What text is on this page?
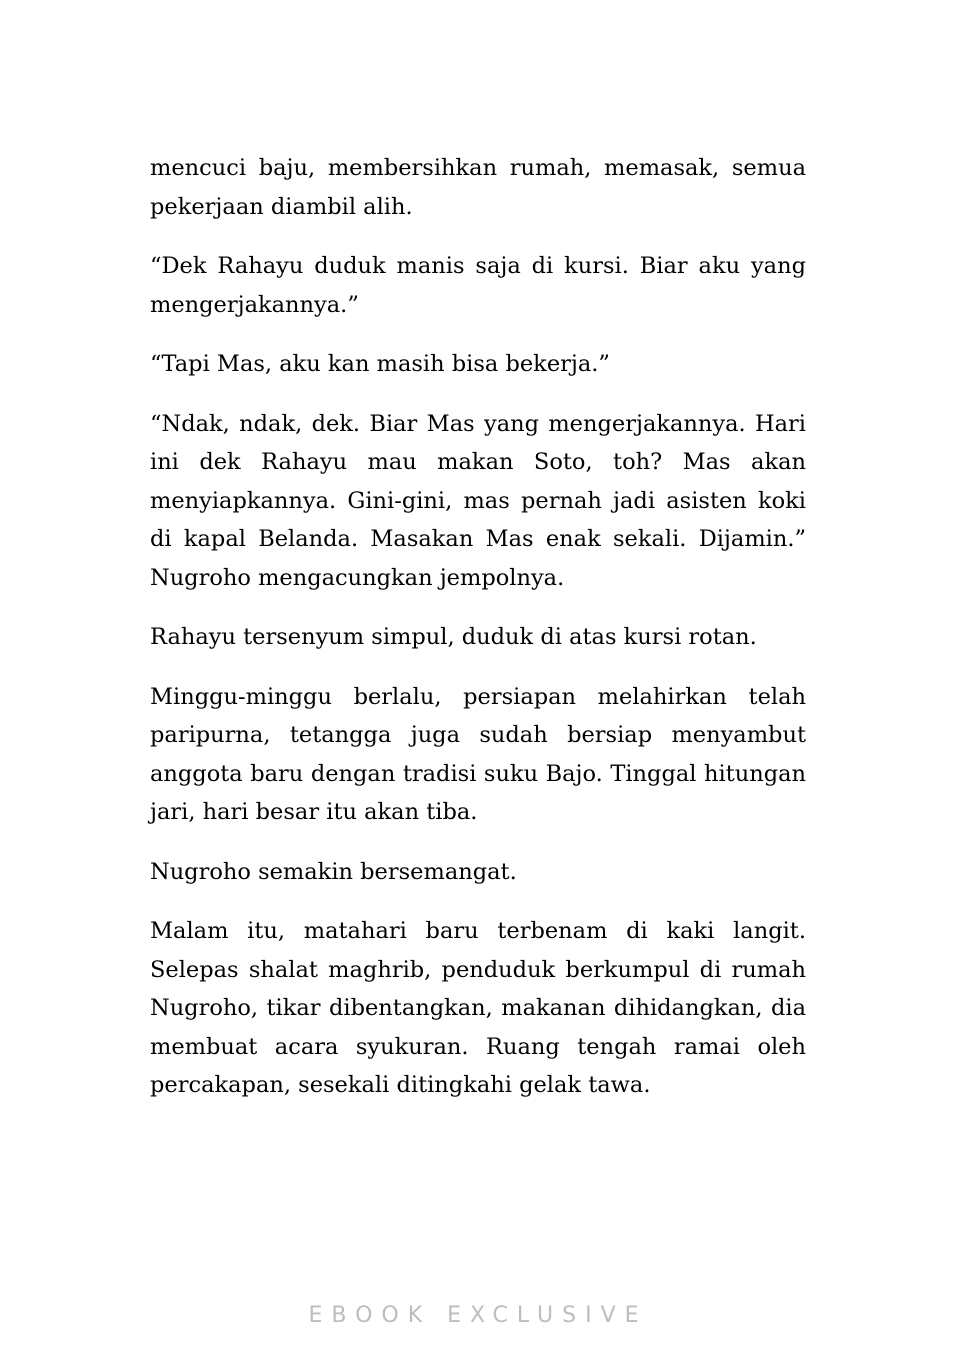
mencuci baju, membersihkan rumah, memasak, semua pekerjaan diambil alih.

“Dek Rahayu duduk manis saja di kursi. Biar aku yang mengerjakannya.”

“Tapi Mas, aku kan masih bisa bekerja.”

“Ndak, ndak, dek. Biar Mas yang mengerjakannya. Hari ini dek Rahayu mau makan Soto, toh? Mas akan menyiapkannya. Gini-gini, mas pernah jadi asisten koki di kapal Belanda. Masakan Mas enak sekali. Dijamin.” Nugroho mengacungkan jempolnya.

Rahayu tersenyum simpul, duduk di atas kursi rotan.

Minggu-minggu berlalu, persiapan melahirkan telah paripurna, tetangga juga sudah bersiap menyambut anggota baru dengan tradisi suku Bajo. Tinggal hitungan jari, hari besar itu akan tiba.

Nugroho semakin bersemangat.

Malam itu, matahari baru terbenam di kaki langit. Selepas shalat maghrib, penduduk berkumpul di rumah Nugroho, tikar dibentangkan, makanan dihidangkan, dia membuat acara syukuran. Ruang tengah ramai oleh percakapan, sesekali ditingkahi gelak tawa.

EBOOK EXCLUSIVE
